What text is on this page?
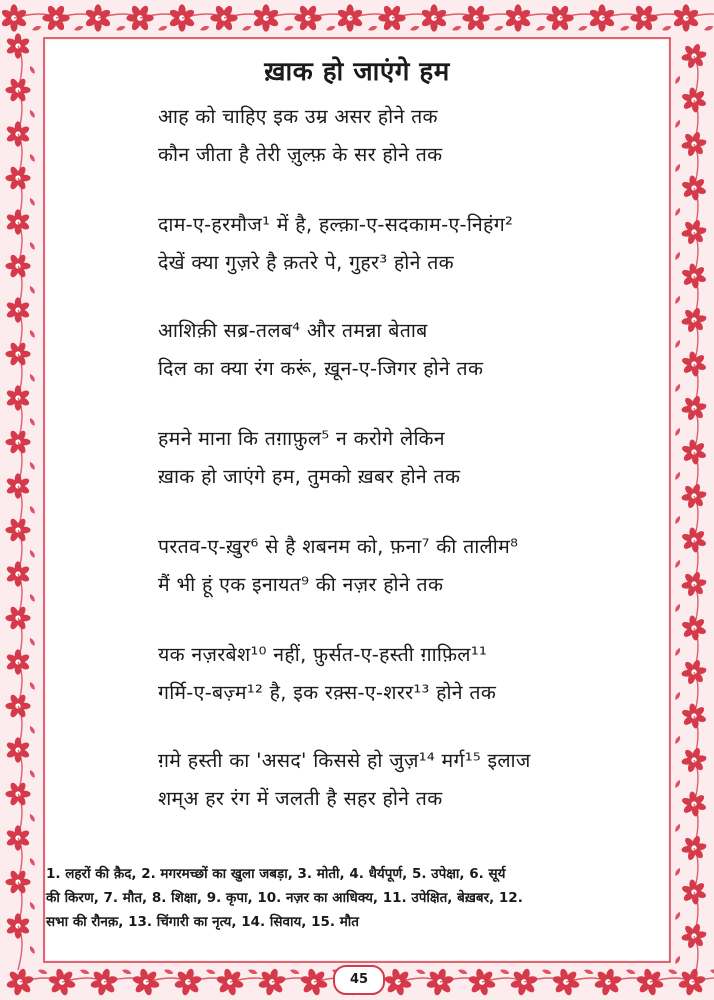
ख़ाक हो जाएंगे हम
आह को चाहिए इक उम्र असर होने तक
कौन जीता है तेरी ज़ुल्फ़ के सर होने तक
दाम-ए-हरमौज¹ में है, हल्क़ा-ए-सदकाम-ए-निहंग²
देखें क्या गुज़रे है क़तरे पे, गुहर³ होने तक
आशिक़ी सब्र-तलब⁴ और तमन्ना बेताब
दिल का क्या रंग करूं, ख़ून-ए-जिगर होने तक
हमने माना कि तग़ाफ़ुल⁵ न करोगे लेकिन
ख़ाक हो जाएंगे हम, तुमको ख़बर होने तक
परतव-ए-ख़ुर⁶ से है शबनम को, फ़ना⁷ की तालीम⁸
मैं भी हूं एक इनायत⁹ की नज़र होने तक
यक नज़रबेश¹⁰ नहीं, फ़ुर्सत-ए-हस्ती ग़ाफ़िल¹¹
गर्मि-ए-बज़्म¹² है, इक रक़्स-ए-शरर¹³ होने तक
ग़मे हस्ती का 'असद' किससे हो जुज़¹⁴ मर्ग¹⁵ इलाज
शम्अ हर रंग में जलती है सहर होने तक
1. लहरों की क़ैद, 2. मगरमच्छों का खुला जबड़ा, 3. मोती, 4. धैर्यपूर्ण, 5. उपेक्षा, 6. सूर्य
की किरण, 7. मौत, 8. शिक्षा, 9. कृपा, 10. नज़र का आधिक्य, 11. उपेक्षित, बेख़बर, 12.
सभा की रौनक़, 13. चिंगारी का नृत्य, 14. सिवाय, 15. मौत
45
